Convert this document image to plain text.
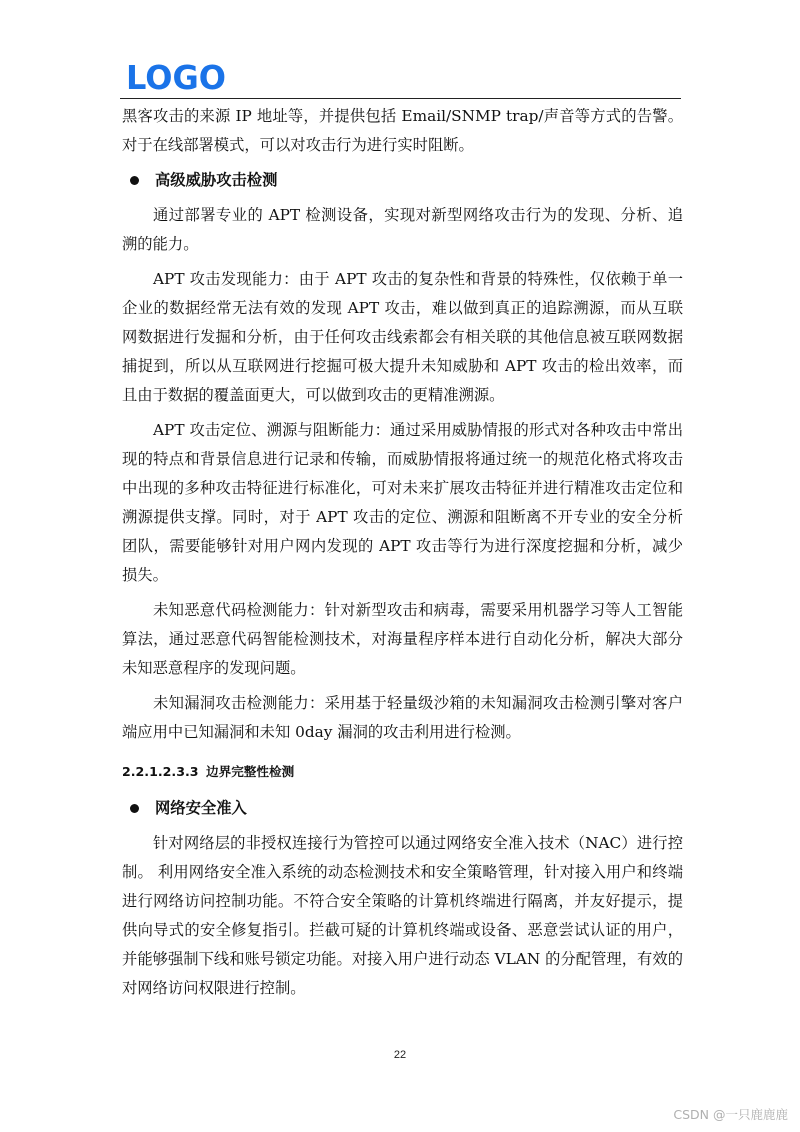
LOGO

黑客攻击的来源 IP 地址等，并提供包括 Email/SNMP trap/声音等方式的告警。对于在线部署模式，可以对攻击行为进行实时阻断。

高级威胁攻击检测

通过部署专业的 APT 检测设备，实现对新型网络攻击行为的发现、分析、追溯的能力。

APT 攻击发现能力：由于 APT 攻击的复杂性和背景的特殊性，仅依赖于单一企业的数据经常无法有效的发现 APT 攻击，难以做到真正的追踪溯源，而从互联网数据进行发掘和分析，由于任何攻击线索都会有相关联的其他信息被互联网数据捕捉到，所以从互联网进行挖掘可极大提升未知威胁和 APT 攻击的检出效率，而且由于数据的覆盖面更大，可以做到攻击的更精准溯源。

APT 攻击定位、溯源与阻断能力：通过采用威胁情报的形式对各种攻击中常出现的特点和背景信息进行记录和传输，而威胁情报将通过统一的规范化格式将攻击中出现的多种攻击特征进行标准化，可对未来扩展攻击特征并进行精准攻击定位和溯源提供支撑。同时，对于 APT 攻击的定位、溯源和阻断离不开专业的安全分析团队，需要能够针对用户网内发现的 APT 攻击等行为进行深度挖掘和分析，减少损失。

未知恶意代码检测能力：针对新型攻击和病毒，需要采用机器学习等人工智能算法，通过恶意代码智能检测技术，对海量程序样本进行自动化分析，解决大部分未知恶意程序的发现问题。

未知漏洞攻击检测能力：采用基于轻量级沙箱的未知漏洞攻击检测引擎对客户端应用中已知漏洞和未知 0day 漏洞的攻击利用进行检测。

2.2.1.2.3.3 边界完整性检测

网络安全准入

针对网络层的非授权连接行为管控可以通过网络安全准入技术（NAC）进行控制。 利用网络安全准入系统的动态检测技术和安全策略管理，针对接入用户和终端进行网络访问控制功能。不符合安全策略的计算机终端进行隔离，并友好提示，提供向导式的安全修复指引。拦截可疑的计算机终端或设备、恶意尝试认证的用户，并能够强制下线和账号锁定功能。对接入用户进行动态 VLAN 的分配管理，有效的对网络访问权限进行控制。

22
CSDN @一只鹿鹿鹿
